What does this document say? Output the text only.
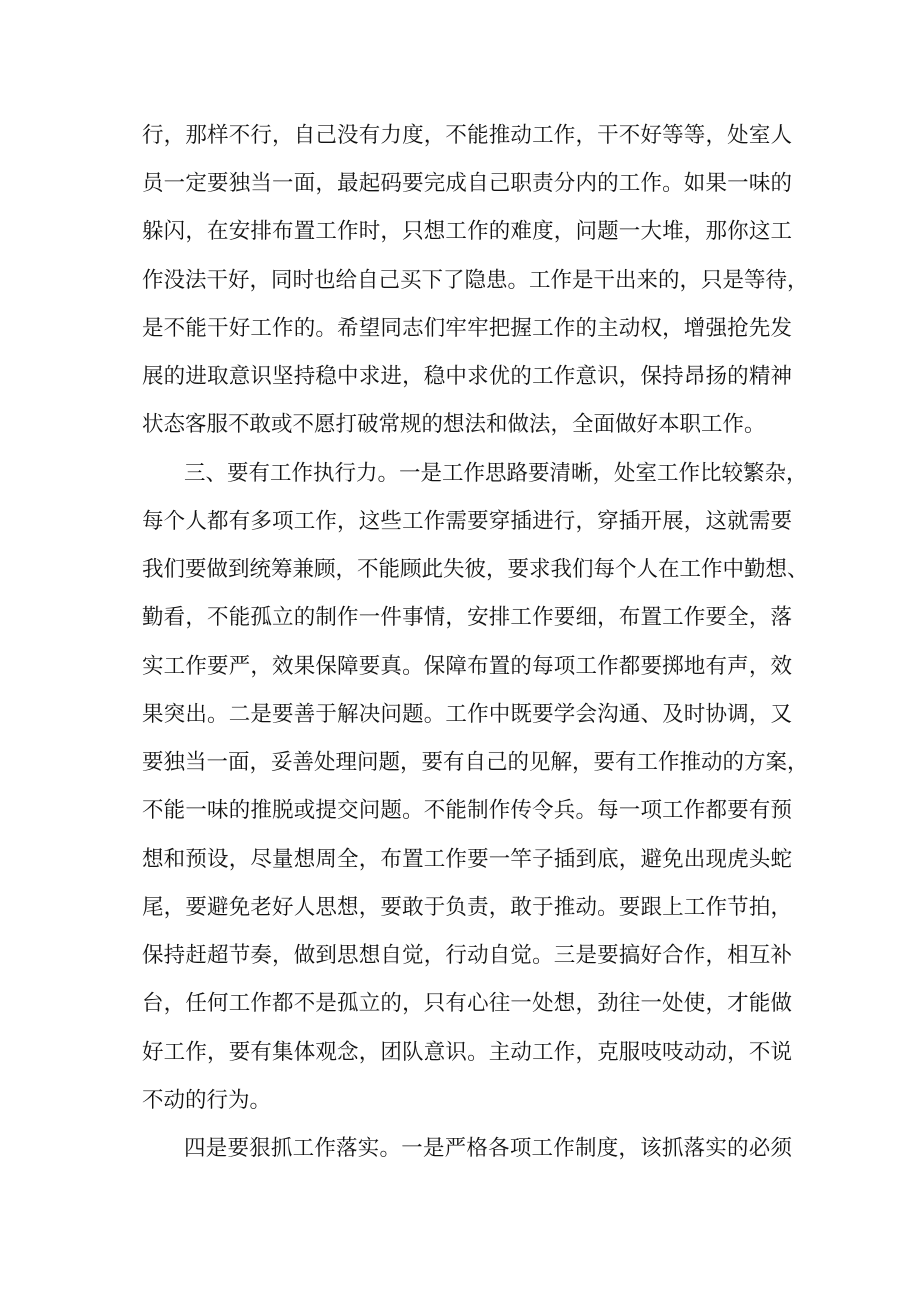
行，那样不行，自己没有力度，不能推动工作，干不好等等，处室人
员一定要独当一面，最起码要完成自己职责分内的工作。如果一味的
躲闪，在安排布置工作时，只想工作的难度，问题一大堆，那你这工
作没法干好，同时也给自己买下了隐患。工作是干出来的，只是等待，
是不能干好工作的。希望同志们牢牢把握工作的主动权，增强抢先发
展的进取意识坚持稳中求进，稳中求优的工作意识，保持昂扬的精神
状态客服不敢或不愿打破常规的想法和做法，全面做好本职工作。
三、要有工作执行力。一是工作思路要清晰，处室工作比较繁杂，
每个人都有多项工作，这些工作需要穿插进行，穿插开展，这就需要
我们要做到统筹兼顾，不能顾此失彼，要求我们每个人在工作中勤想、
勤看，不能孤立的制作一件事情，安排工作要细，布置工作要全，落
实工作要严，效果保障要真。保障布置的每项工作都要掷地有声，效
果突出。二是要善于解决问题。工作中既要学会沟通、及时协调，又
要独当一面，妥善处理问题，要有自己的见解，要有工作推动的方案，
不能一味的推脱或提交问题。不能制作传令兵。每一项工作都要有预
想和预设，尽量想周全，布置工作要一竿子插到底，避免出现虎头蛇
尾，要避免老好人思想，要敢于负责，敢于推动。要跟上工作节拍，
保持赶超节奏，做到思想自觉，行动自觉。三是要搞好合作，相互补
台，任何工作都不是孤立的，只有心往一处想，劲往一处使，才能做
好工作，要有集体观念，团队意识。主动工作，克服吱吱动动，不说
不动的行为。
四是要狠抓工作落实。一是严格各项工作制度，该抓落实的必须
